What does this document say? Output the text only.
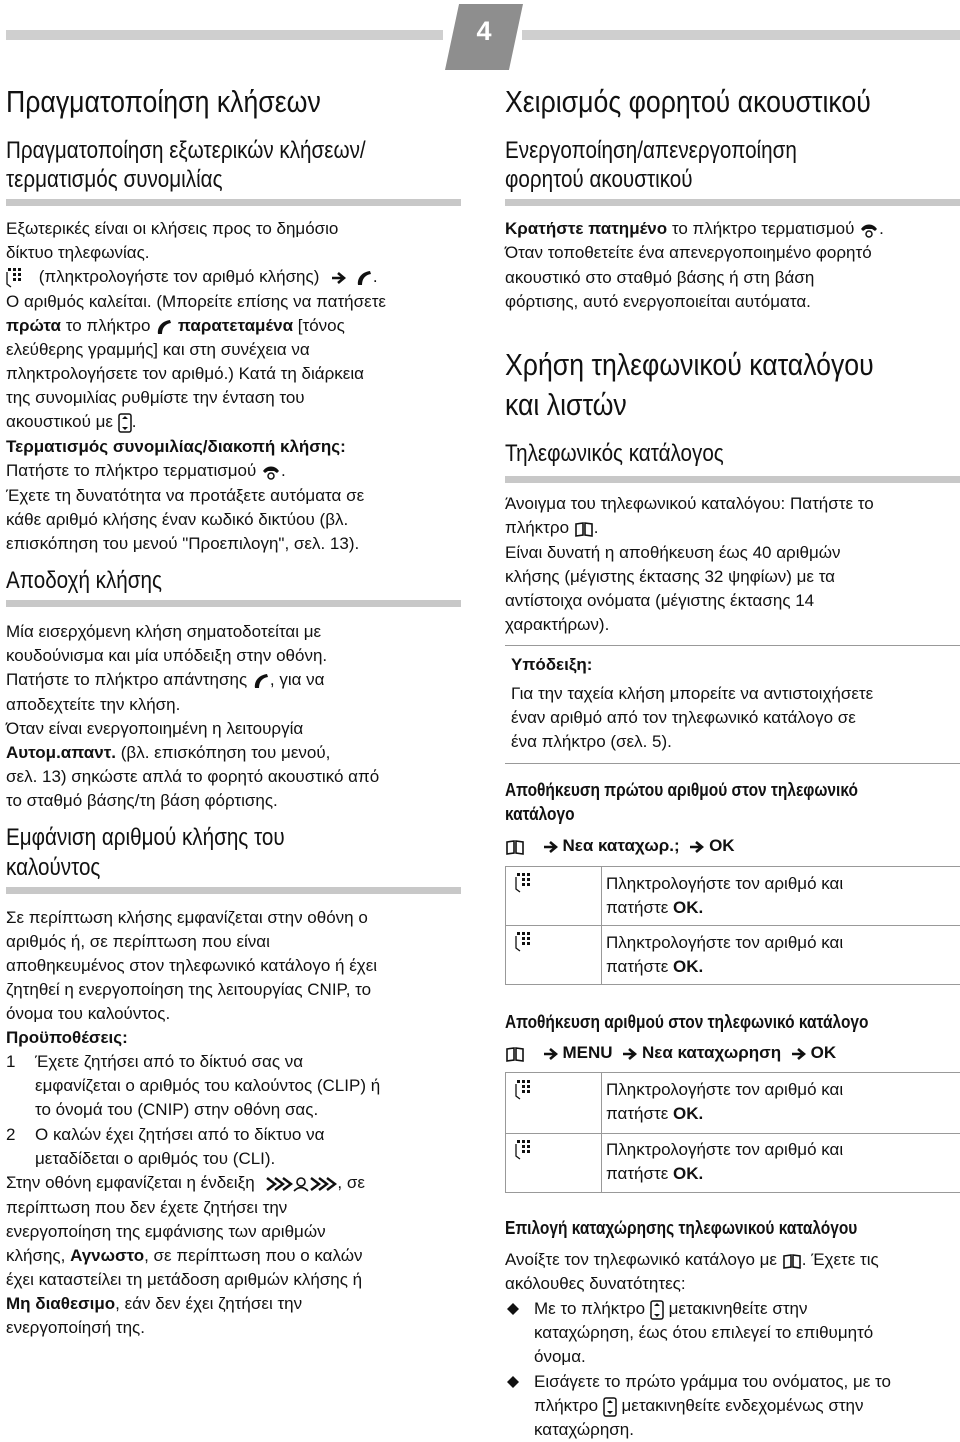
4
Πραγματοποίηση κλήσεων
Πραγματοποίηση εξωτερικών κλήσεων/
τερματισμός συνομιλίας
Εξωτερικές είναι οι κλήσεις προς το δημόσιο
δίκτυο τηλεφωνίας.
(πληκτρολογήστε τον αριθμό κλήσης)	.
Ο αριθμός καλείται. (Μπορείτε επίσης να πατήσετε
πρώτα το πλήκτρο παρατεταμένα [τόνος
ελεύθερης γραμμής] και στη συνέχεια να
πληκτρολογήσετε τον αριθμό.) Κατά τη διάρκεια
της συνομιλίας ρυθμίστε την ένταση του
ακουστικού με .
Τερματισμός συνομιλίας/διακοπή κλήσης:
Πατήστε το πλήκτρο τερματισμού .
Έχετε τη δυνατότητα να προτάξετε αυτόματα σε
κάθε αριθμό κλήσης έναν κωδικό δικτύου (βλ.
επισκόπηση του μενού "Προεπιλογη", σελ. 13).
Αποδοχή κλήσης
Μία εισερχόμενη κλήση σηματοδοτείται με
κουδούνισμα και μία υπόδειξη στην οθόνη.
Πατήστε το πλήκτρο απάντησης , για να
αποδεχτείτε την κλήση.
Όταν είναι ενεργοποιημένη η λειτουργία
Αυτομ.απαντ. (βλ. επισκόπηση του μενού,
σελ. 13) σηκώστε απλά το φορητό ακουστικό από
το σταθμό βάσης/τη βάση φόρτισης.
Εμφάνιση αριθμού κλήσης του
καλούντος
Σε περίπτωση κλήσης εμφανίζεται στην οθόνη ο
αριθμός ή, σε περίπτωση που είναι
αποθηκευμένος στον τηλεφωνικό κατάλογο ή έχει
ζητηθεί η ενεργοποίηση της λειτουργίας CNIP, το
όνομα του καλούντος.
Προϋποθέσεις:
1 Έχετε ζητήσει από το δίκτυό σας να
εμφανίζεται ο αριθμός του καλούντος (CLIP) ή
το όνομά του (CNIP) στην οθόνη σας.
2 Ο καλών έχει ζητήσει από το δίκτυο να
μεταδίδεται ο αριθμός του (CLI).
Στην οθόνη εμφανίζεται η ένδειξη	, σε
περίπτωση που δεν έχετε ζητήσει την
ενεργοποίηση της εμφάνισης των αριθμών
κλήσης, Αγνωστο, σε περίπτωση που ο καλών
έχει καταστείλει τη μετάδοση αριθμών κλήσης ή
Μη διαθεσιμο, εάν δεν έχει ζητήσει την
ενεργοποίησή της.
Χειρισμός φορητού ακουστικού
Ενεργοποίηση/απενεργοποίηση
φορητού ακουστικού
Κρατήστε πατημένο το πλήκτρο τερματισμού .
Όταν τοποθετείτε ένα απενεργοποιημένο φορητό
ακουστικό στο σταθμό βάσης ή στη βάση
φόρτισης, αυτό ενεργοποιείται αυτόματα.
Χρήση τηλεφωνικού καταλόγου
και λιστών
Τηλεφωνικός κατάλογος
Άνοιγμα του τηλεφωνικού καταλόγου: Πατήστε το
πλήκτρο .
Είναι δυνατή η αποθήκευση έως 40 αριθμών
κλήσης (μέγιστης έκτασης 32 ψηφίων) με τα
αντίστοιχα ονόματα (μέγιστης έκτασης 14
χαρακτήρων).
Υπόδειξη:
Για την ταχεία κλήση μπορείτε να αντιστοιχήσετε
έναν αριθμό από τον τηλεφωνικό κατάλογο σε
ένα πλήκτρο (σελ. 5).
Αποθήκευση πρώτου αριθμού στον τηλεφωνικό
κατάλογο
Νεα καταχωρ.; OK
Πληκτρολογήστε τον αριθμό και
πατήστε OK.
Πληκτρολογήστε τον αριθμό και
πατήστε OK.
Αποθήκευση αριθμού στον τηλεφωνικό κατάλογο
MENU Νεα καταχωρηση OK
Πληκτρολογήστε τον αριθμό και
πατήστε OK.
Πληκτρολογήστε τον αριθμό και
πατήστε OK.
Επιλογή καταχώρησης τηλεφωνικού καταλόγου
Ανοίξτε τον τηλεφωνικό κατάλογο με . Έχετε τις
ακόλουθες δυνατότητες:
Με το πλήκτρο μετακινηθείτε στην
καταχώρηση, έως ότου επιλεγεί το επιθυμητό
όνομα.
Εισάγετε το πρώτο γράμμα του ονόματος, με το
πλήκτρο μετακινηθείτε ενδεχομένως στην
καταχώρηση.
